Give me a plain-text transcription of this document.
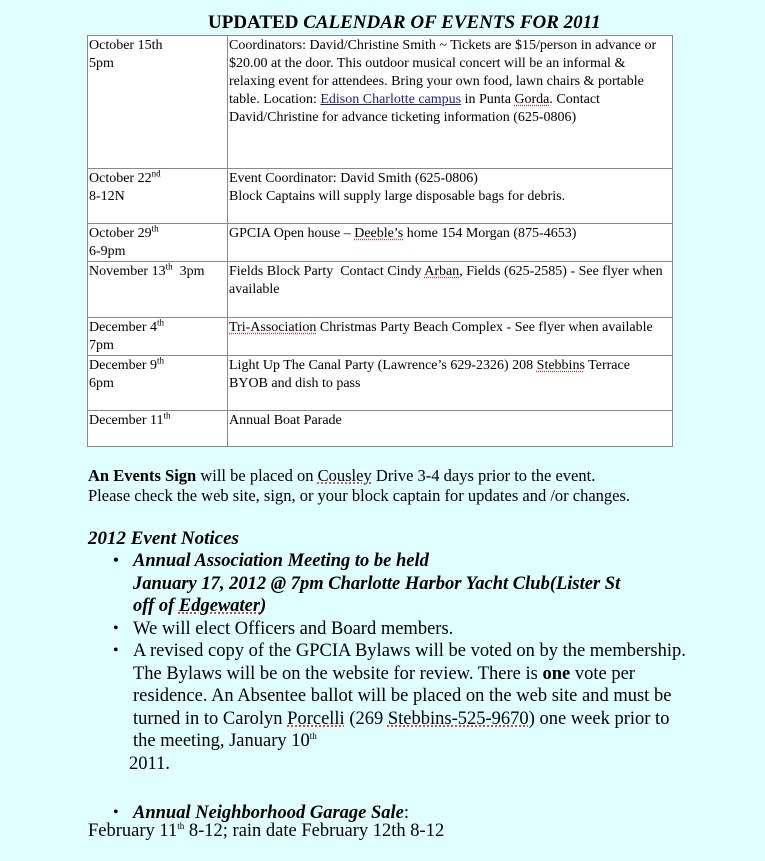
UPDATED CALENDAR OF EVENTS FOR 2011
October 15th
5pm	Coordinators: David/Christine Smith ~ Tickets are $15/person in advance or $20.00 at the door. This outdoor musical concert will be an informal & relaxing event for attendees. Bring your own food, lawn chairs & portable table. Location: Edison Charlotte campus in Punta Gorda. Contact David/Christine for advance ticketing information (625-0806)
October 22nd
8-12N	Event Coordinator: David Smith (625-0806)
Block Captains will supply large disposable bags for debris.
October 29th
6-9pm	GPCIA Open house – Deeble’s home 154 Morgan (875-4653)
November 13th  3pm	Fields Block Party  Contact Cindy Arban, Fields (625-2585) - See flyer when available
December 4th
7pm	Tri-Association Christmas Party Beach Complex - See flyer when available
December 9th
6pm	Light Up The Canal Party (Lawrence’s 629-2326) 208 Stebbins Terrace
BYOB and dish to pass
December 11th	Annual Boat Parade
An Events Sign will be placed on Cousley Drive 3-4 days prior to the event.
Please check the web site, sign, or your block captain for updates and /or changes.
2012 Event Notices
• Annual Association Meeting to be held
January 17, 2012 @ 7pm Charlotte Harbor Yacht Club(Lister St
off of Edgewater)
• We will elect Officers and Board members.
• A revised copy of the GPCIA Bylaws will be voted on by the membership. The Bylaws will be on the website for review. There is one vote per residence. An Absentee ballot will be placed on the web site and must be turned in to Carolyn Porcelli (269 Stebbins-525-9670) one week prior to the meeting, January 10th
2011.
• Annual Neighborhood Garage Sale:
February 11th 8-12; rain date February 12th 8-12
